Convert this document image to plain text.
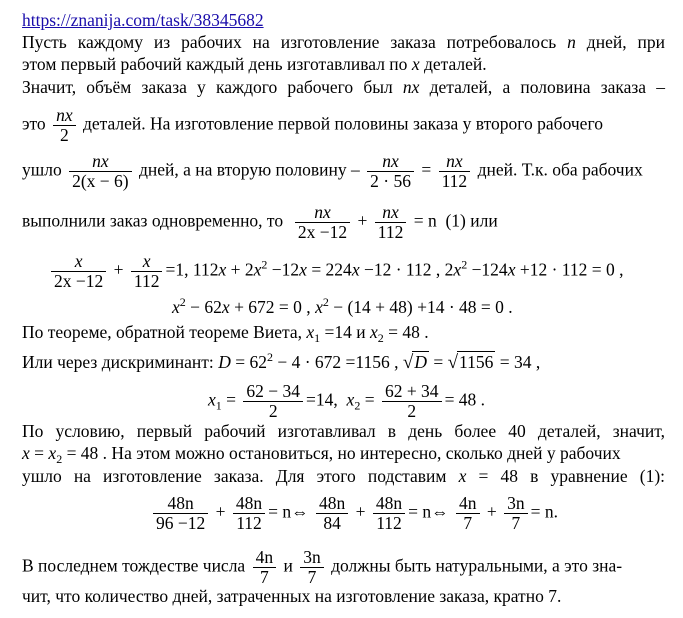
https://znanija.com/task/38345682
Пусть каждому из рабочих на изготовление заказа потребовалось n дней, при
этом первый рабочий каждый день изготавливал по x деталей.
Значит, объём заказа у каждого рабочего был nx деталей, а половина заказа –
это $\frac{nx}{2}$ деталей. На изготовление первой половины заказа у второго рабочего
ушло $\frac{nx}{2(x - 6)}$ дней, а на вторую половину – $\frac{nx}{2 \cdot 56} = \frac{nx}{112}$ дней. Т.к. оба рабочих
выполнили заказ одновременно, то $\frac{nx}{2x -12} + \frac{nx}{112} = n$ (1) или
$\frac{x}{2x -12} + \frac{x}{112} =1$, $112x + 2x^2 -12x = 224x -12 \cdot 112$ , $2x^2 -124x +12 \cdot 112 = 0$ ,
$x^2 - 62x + 672 = 0$ , $x^2 - (14 + 48) +14 \cdot 48 = 0$ .
По теореме, обратной теореме Виета, $x_1 =14$ и $x_2 = 48$ .
Или через дискриминант: $D = 62^2 - 4 \cdot 672 =1156$ , √D = √1156 = 34 ,
$x_1 = \frac{62 - 34}{2} =14$, $x_2 = \frac{62 + 34}{2} = 48$ .
По условию, первый рабочий изготавливал в день более 40 деталей, значит,
$x = x_2 = 48$ . На этом можно остановиться, но интересно, сколько дней у рабочих
ушло на изготовление заказа. Для этого подставим x = 48 в уравнение (1):
$\frac{48n}{96 -12} + \frac{48n}{112}$ = n⇔ $\frac{48n}{84} + \frac{48n}{112}$ = n⇔ $\frac{4n}{7} + \frac{3n}{7} = n$.
В последнем тождестве числа $\frac{4n}{7}$ и $\frac{3n}{7}$ должны быть натуральными, а это зна-
чит, что количество дней, затраченных на изготовление заказа, кратно 7.
